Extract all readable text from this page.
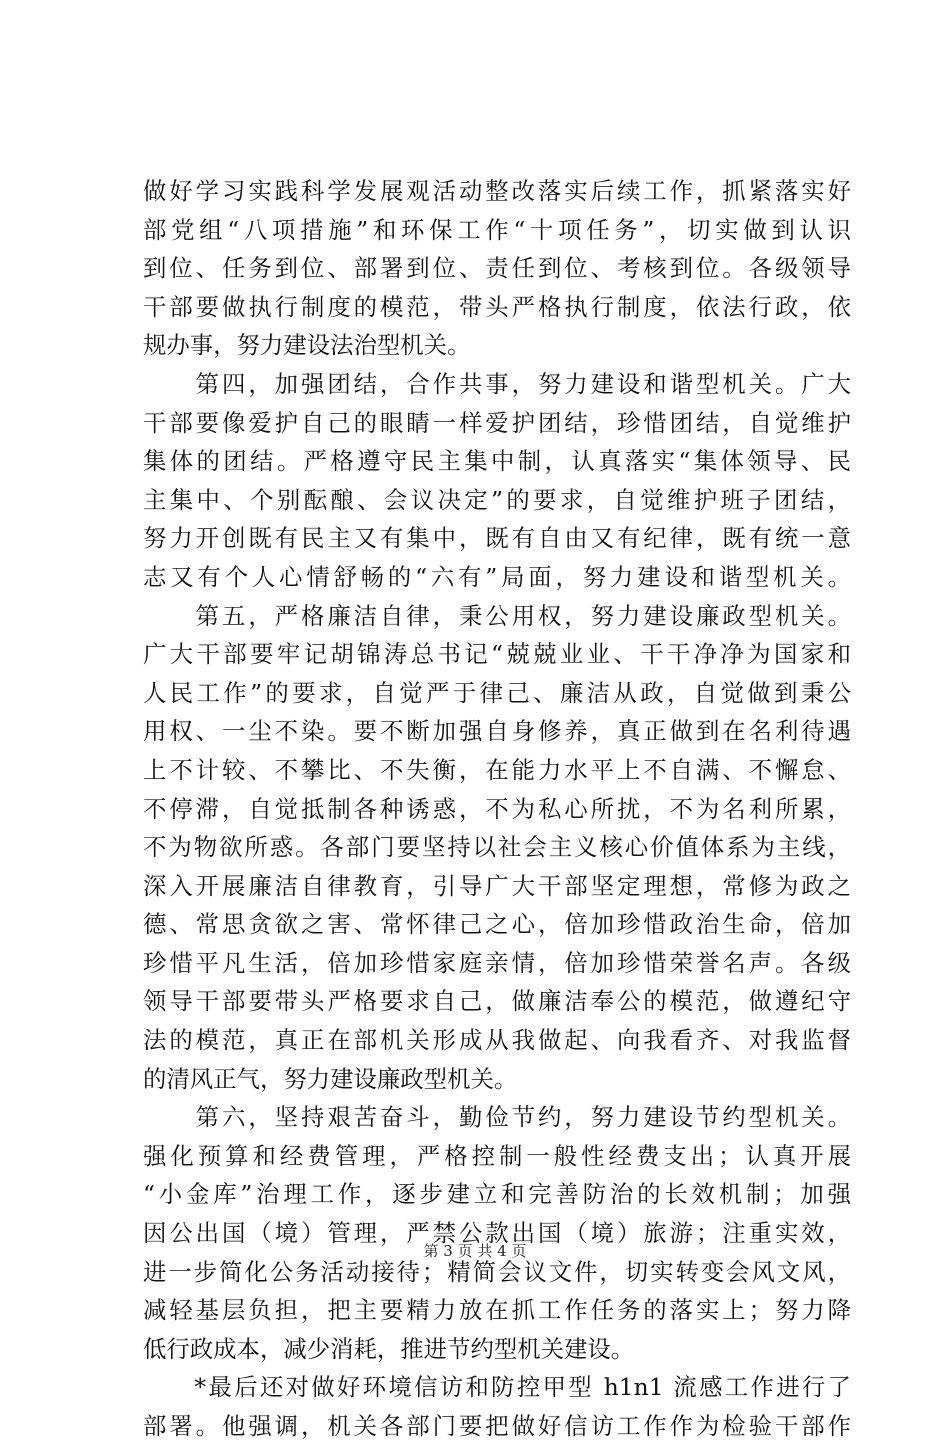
做好学习实践科学发展观活动整改落实后续工作，抓紧落实好
部党组“八项措施”和环保工作“十项任务”，切实做到认识
到位、任务到位、部署到位、责任到位、考核到位。各级领导
干部要做执行制度的模范，带头严格执行制度，依法行政，依
规办事，努力建设法治型机关。
　　第四，加强团结，合作共事，努力建设和谐型机关。广大
干部要像爱护自己的眼睛一样爱护团结，珍惜团结，自觉维护
集体的团结。严格遵守民主集中制，认真落实“集体领导、民
主集中、个别酝酿、会议决定”的要求，自觉维护班子团结，
努力开创既有民主又有集中，既有自由又有纪律，既有统一意
志又有个人心情舒畅的“六有”局面，努力建设和谐型机关。
　　第五，严格廉洁自律，秉公用权，努力建设廉政型机关。
广大干部要牢记胡锦涛总书记“兢兢业业、干干净净为国家和
人民工作”的要求，自觉严于律己、廉洁从政，自觉做到秉公
用权、一尘不染。要不断加强自身修养，真正做到在名利待遇
上不计较、不攀比、不失衡，在能力水平上不自满、不懈怠、
不停滞，自觉抵制各种诱惑，不为私心所扰，不为名利所累，
不为物欲所惑。各部门要坚持以社会主义核心价值体系为主线，
深入开展廉洁自律教育，引导广大干部坚定理想，常修为政之
德、常思贪欲之害、常怀律己之心，倍加珍惜政治生命，倍加
珍惜平凡生活，倍加珍惜家庭亲情，倍加珍惜荣誉名声。各级
领导干部要带头严格要求自己，做廉洁奉公的模范，做遵纪守
法的模范，真正在部机关形成从我做起、向我看齐、对我监督
的清风正气，努力建设廉政型机关。
　　第六，坚持艰苦奋斗，勤俭节约，努力建设节约型机关。
强化预算和经费管理，严格控制一般性经费支出；认真开展
“小金库”治理工作，逐步建立和完善防治的长效机制；加强
因公出国（境）管理，严禁公款出国（境）旅游；注重实效，
进一步简化公务活动接待；精简会议文件，切实转变会风文风，
减轻基层负担，把主要精力放在抓工作任务的落实上；努力降
低行政成本，减少消耗，推进节约型机关建设。
　　*最后还对做好环境信访和防控甲型 h1n1 流感工作进行了
部署。他强调，机关各部门要把做好信访工作作为检验干部作
第 3 页 共 4 页
